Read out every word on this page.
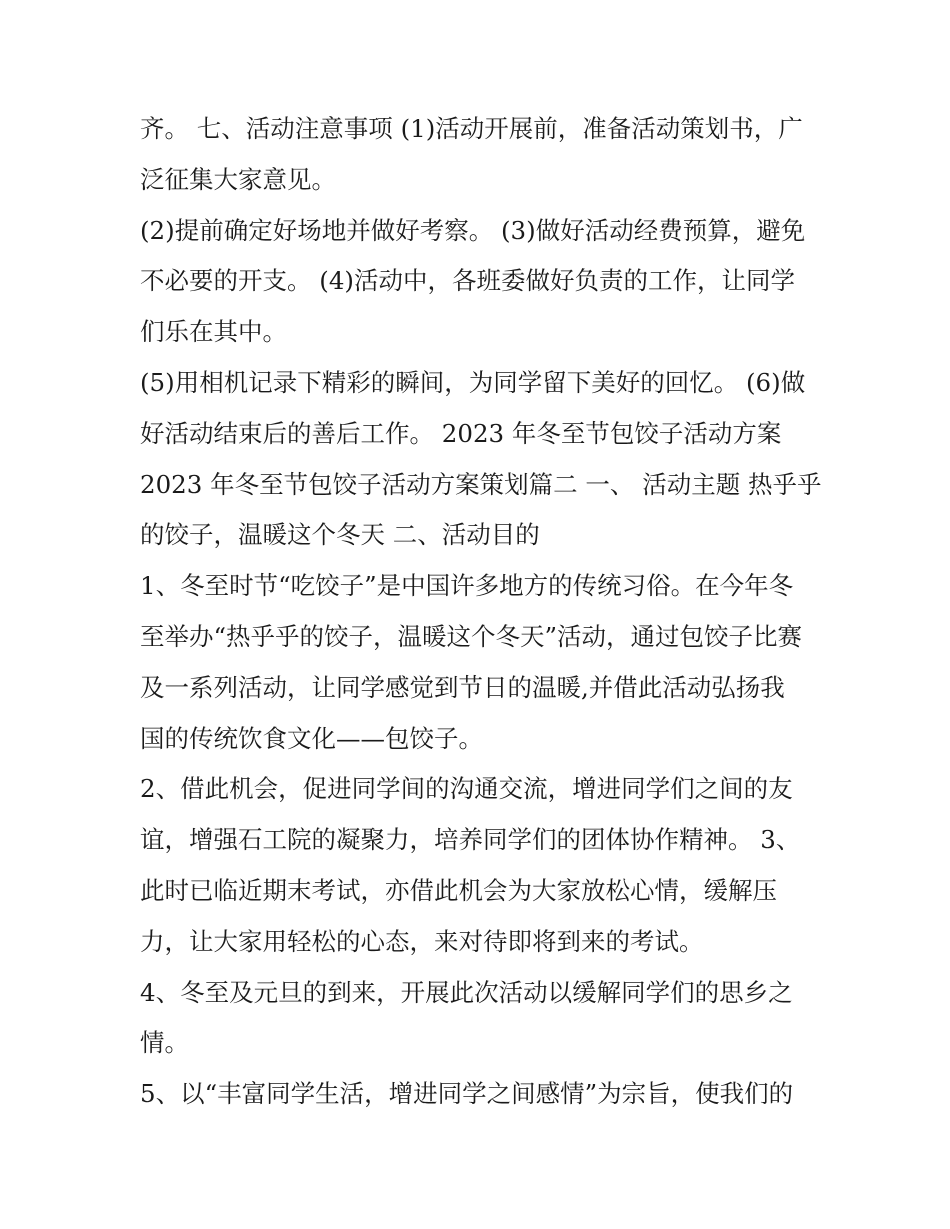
齐。 七、活动注意事项 (1)活动开展前，准备活动策划书，广
泛征集大家意见。
(2)提前确定好场地并做好考察。 (3)做好活动经费预算，避免
不必要的开支。 (4)活动中，各班委做好负责的工作，让同学
们乐在其中。
(5)用相机记录下精彩的瞬间，为同学留下美好的回忆。 (6)做
好活动结束后的善后工作。 2023 年冬至节包饺子活动方案
2023 年冬至节包饺子活动方案策划篇二 一、 活动主题 热乎乎
的饺子，温暖这个冬天 二、活动目的
1、冬至时节“吃饺子”是中国许多地方的传统习俗。在今年冬
至举办“热乎乎的饺子，温暖这个冬天”活动，通过包饺子比赛
及一系列活动，让同学感觉到节日的温暖,并借此活动弘扬我
国的传统饮食文化——包饺子。
2、借此机会，促进同学间的沟通交流，增进同学们之间的友
谊，增强石工院的凝聚力，培养同学们的团体协作精神。 3、
此时已临近期末考试，亦借此机会为大家放松心情，缓解压
力，让大家用轻松的心态，来对待即将到来的考试。
4、冬至及元旦的到来，开展此次活动以缓解同学们的思乡之
情。
5、以“丰富同学生活，增进同学之间感情”为宗旨，使我们的
